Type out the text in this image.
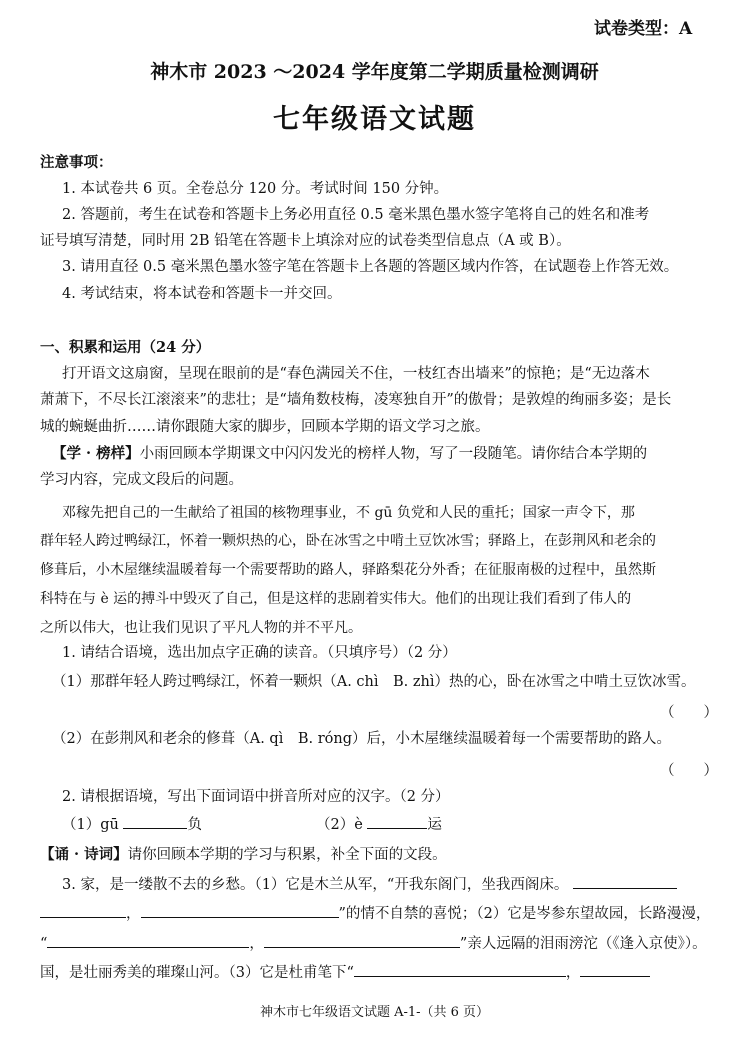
试卷类型：A
神木市 2023 ～2024 学年度第二学期质量检测调研
七年级语文试题
注意事项：
1. 本试卷共 6 页。全卷总分 120 分。考试时间 150 分钟。
2. 答题前，考生在试卷和答题卡上务必用直径 0.5 毫米黑色墨水签字笔将自己的姓名和准考
证号填写清楚，同时用 2B 铅笔在答题卡上填涂对应的试卷类型信息点（A 或 B）。
3. 请用直径 0.5 毫米黑色墨水签字笔在答题卡上各题的答题区域内作答，在试题卷上作答无效。
4. 考试结束，将本试卷和答题卡一并交回。
一、积累和运用（24 分）
打开语文这扇窗，呈现在眼前的是“春色满园关不住，一枝红杏出墙来”的惊艳；是“无边落木
萧萧下，不尽长江滚滚来”的悲壮；是“墙角数枝梅，凌寒独自开”的傲骨；是敦煌的绚丽多姿；是长
城的蜿蜒曲折……请你跟随大家的脚步，回顾本学期的语文学习之旅。
【学 · 榜样】小雨回顾本学期课文中闪闪发光的榜样人物，写了一段随笔。请你结合本学期的
学习内容，完成文段后的问题。
邓稼先把自己的一生献给了祖国的核物理事业，不 gū 负党和人民的重托；国家一声令下，那
群年轻人跨过鸭绿江，怀着一颗炽热的心，卧在冰雪之中啃土豆饮冰雪；驿路上，在彭荆风和老余的
修葺后，小木屋继续温暖着每一个需要帮助的路人，驿路梨花分外香；在征服南极的过程中，虽然斯
科特在与 è 运的搏斗中毁灭了自己，但是这样的悲剧着实伟大。他们的出现让我们看到了伟人的
之所以伟大，也让我们见识了平凡人物的并不平凡。
1. 请结合语境，选出加点字正确的读音。（只填序号）（2 分）
（1）那群年轻人跨过鸭绿江，怀着一颗炽（A. chì　B. zhì）热的心，卧在冰雪之中啃土豆饮冰雪。
（　　）
（2）在彭荆风和老余的修葺（A. qì　B. róng）后，小木屋继续温暖着每一个需要帮助的路人。
（　　）
2. 请根据语境，写出下面词语中拼音所对应的汉字。（2 分）
（1）gū	负	（2）è	运
【诵 · 诗词】请你回顾本学期的学习与积累，补全下面的文段。
3. 家，是一缕散不去的乡愁。（1）它是木兰从军，“开我东阁门，坐我西阁床。
，	”的情不自禁的喜悦；（2）它是岑参东望故园，长路漫漫，
“	，	”亲人远隔的泪雨滂沱（《逢入京使》）。
国，是壮丽秀美的璀璨山河。（3）它是杜甫笔下“	，
神木市七年级语文试题 A-1-（共 6 页）
